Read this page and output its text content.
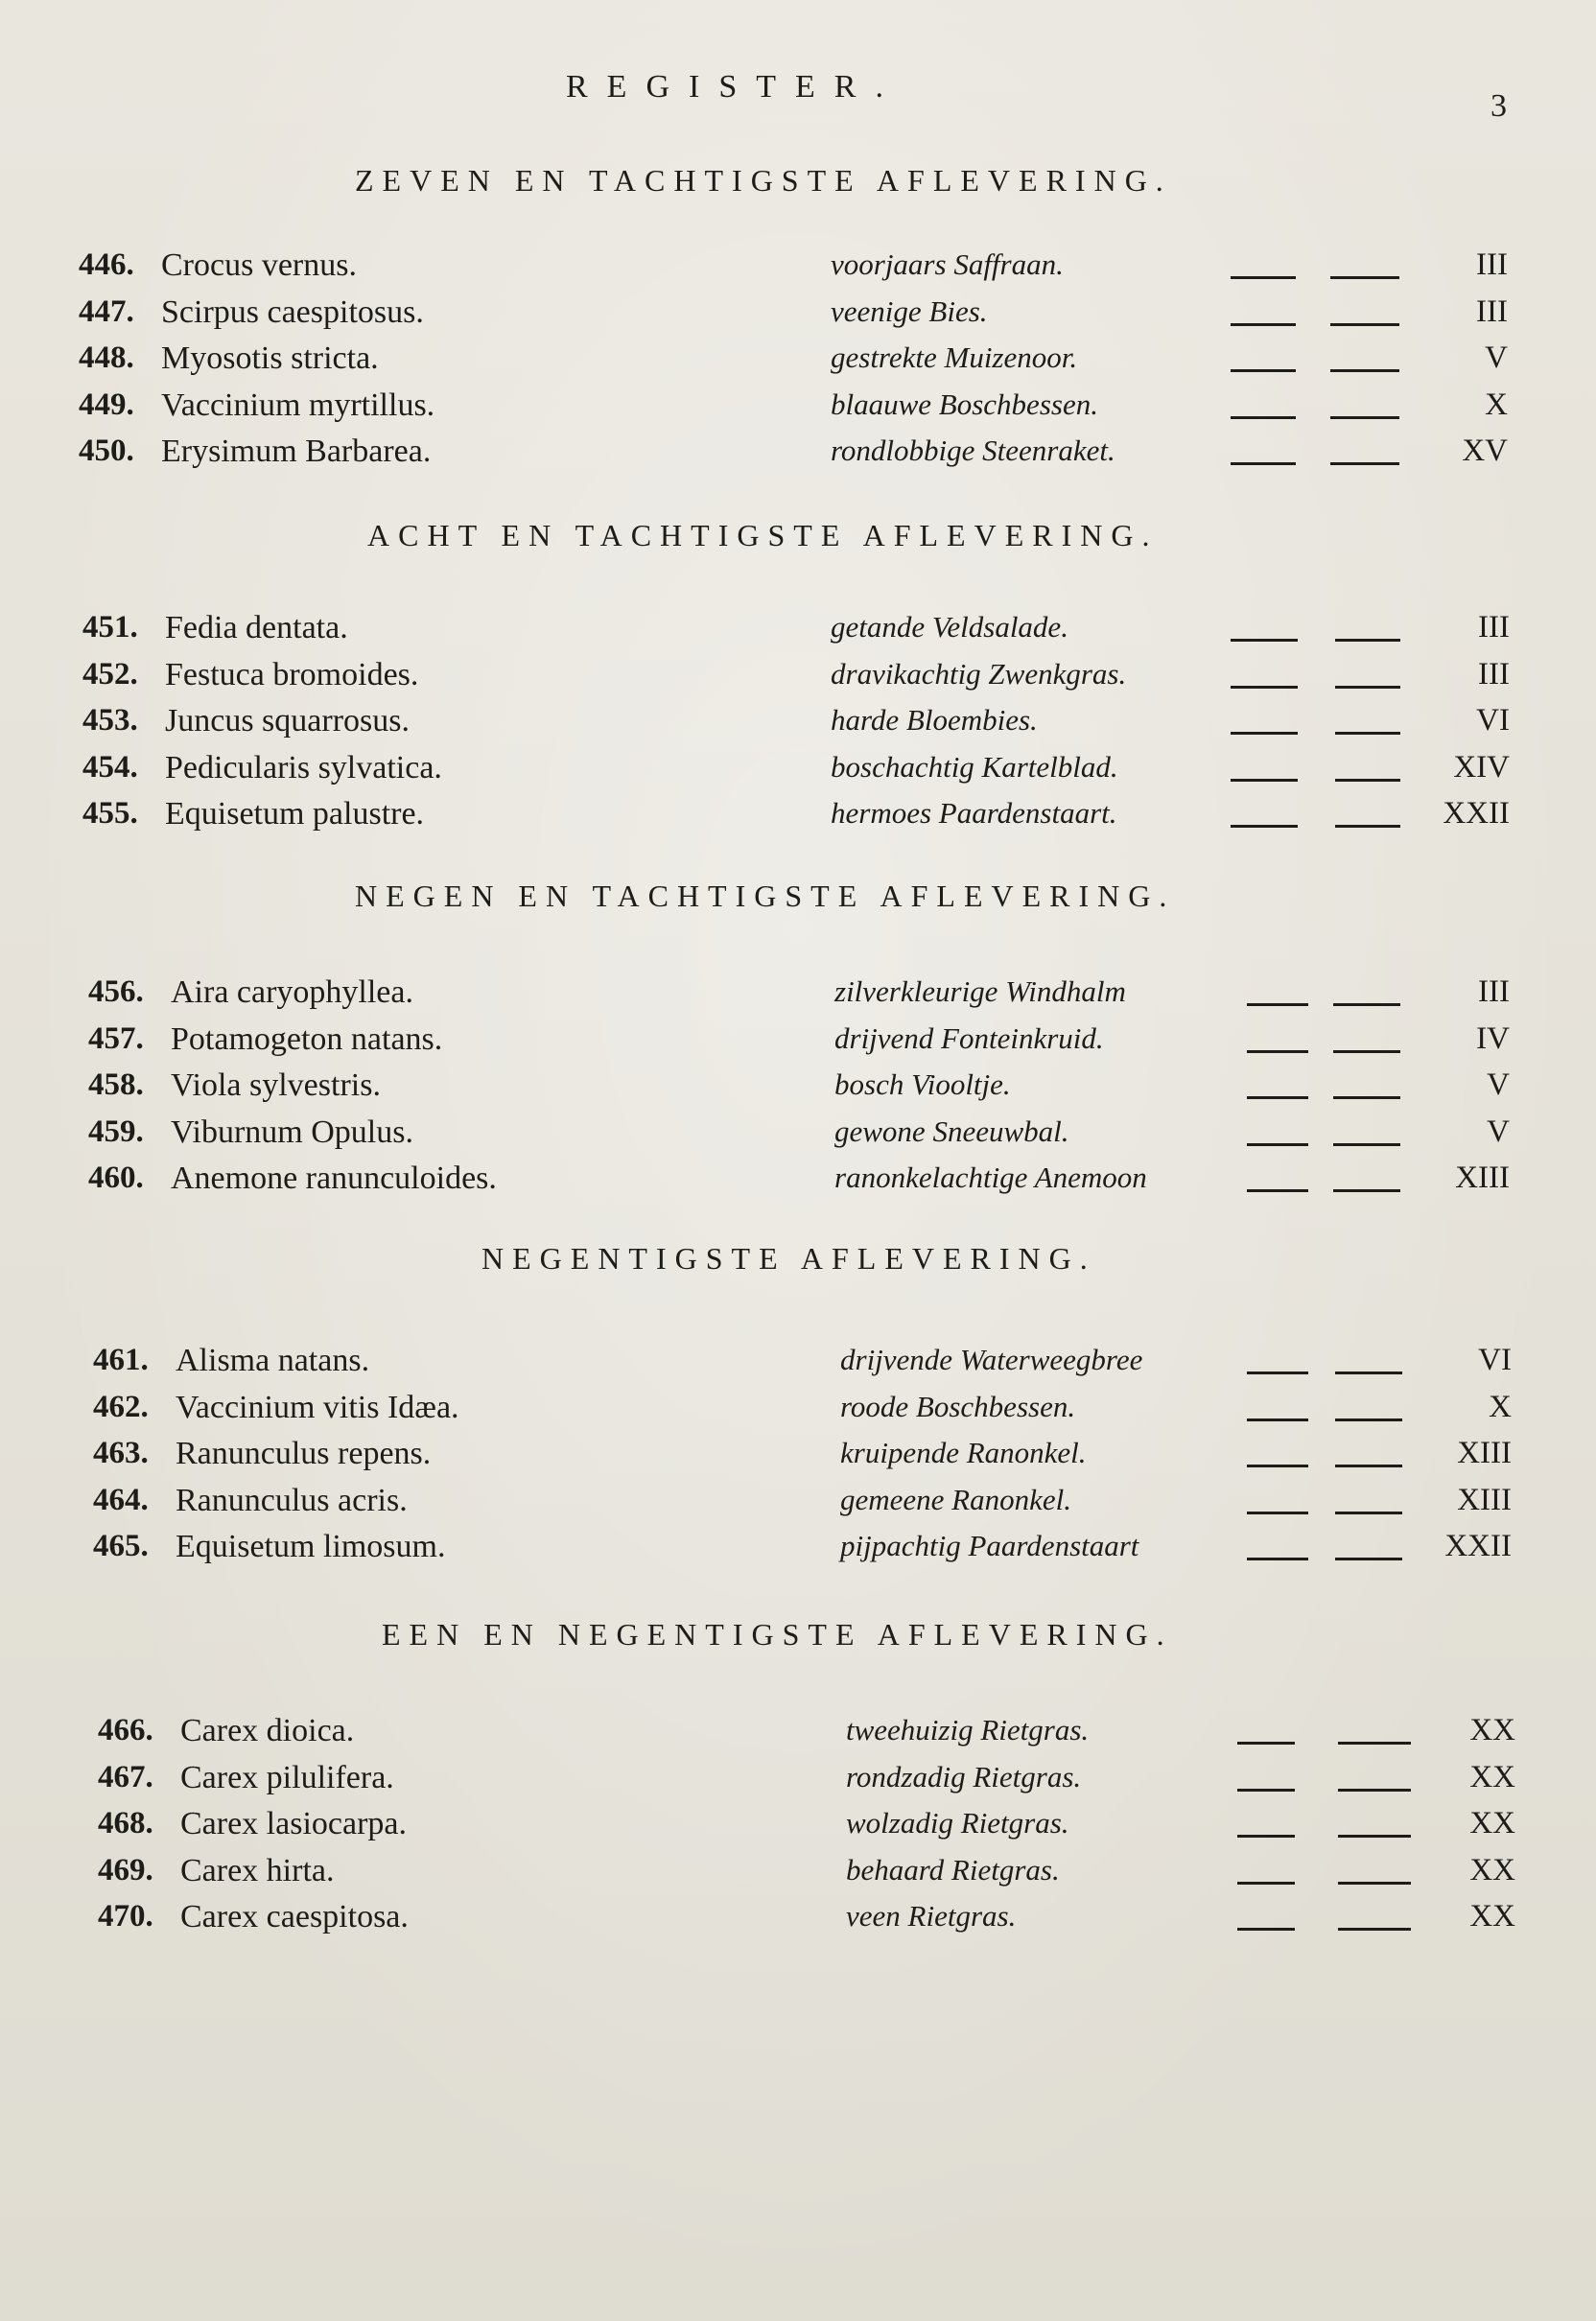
REGISTER.
3
ZEVEN EN TACHTIGSTE AFLEVERING.
446. Crocus vernus.	voorjaars Saffraan.	III
447. Scirpus caespitosus.	veenige Bies.	III
448. Myosotis stricta.	gestrekte Muizenoor.	V
449. Vaccinium myrtillus.	blaauwe Boschbessen.	X
450. Erysimum Barbarea.	rondlobbige Steenraket.	XV
ACHT EN TACHTIGSTE AFLEVERING.
451. Fedia dentata.	getande Veldsalade.	III
452. Festuca bromoides.	dravikachtig Zwenkgras.	III
453. Juncus squarrosus.	harde Bloembies.	VI
454. Pedicularis sylvatica.	boschachtig Kartelblad.	XIV
455. Equisetum palustre.	hermoes Paardenstaart.	XXII
NEGEN EN TACHTIGSTE AFLEVERING.
456. Aira caryophyllea.	zilverkleurige Windhalm	III
457. Potamogeton natans.	drijvend Fonteinkruid.	IV
458. Viola sylvestris.	bosch Viooltje.	V
459. Viburnum Opulus.	gewone Sneeuwbal.	V
460. Anemone ranunculoides.	ranonkelachtige Anemoon	XIII
NEGENTIGSTE AFLEVERING.
461. Alisma natans.	drijvende Waterweegbree	VI
462. Vaccinium vitis Idæa.	roode Boschbessen.	X
463. Ranunculus repens.	kruipende Ranonkel.	XIII
464. Ranunculus acris.	gemeene Ranonkel.	XIII
465. Equisetum limosum.	pijpachtig Paardenstaart	XXII
EEN EN NEGENTIGSTE AFLEVERING.
466. Carex dioica.	tweehuizig Rietgras.	XX
467. Carex pilulifera.	rondzadig Rietgras.	XX
468. Carex lasiocarpa.	wolzadig Rietgras.	XX
469. Carex hirta.	behaard Rietgras.	XX
470. Carex caespitosa.	veen Rietgras.	XX
